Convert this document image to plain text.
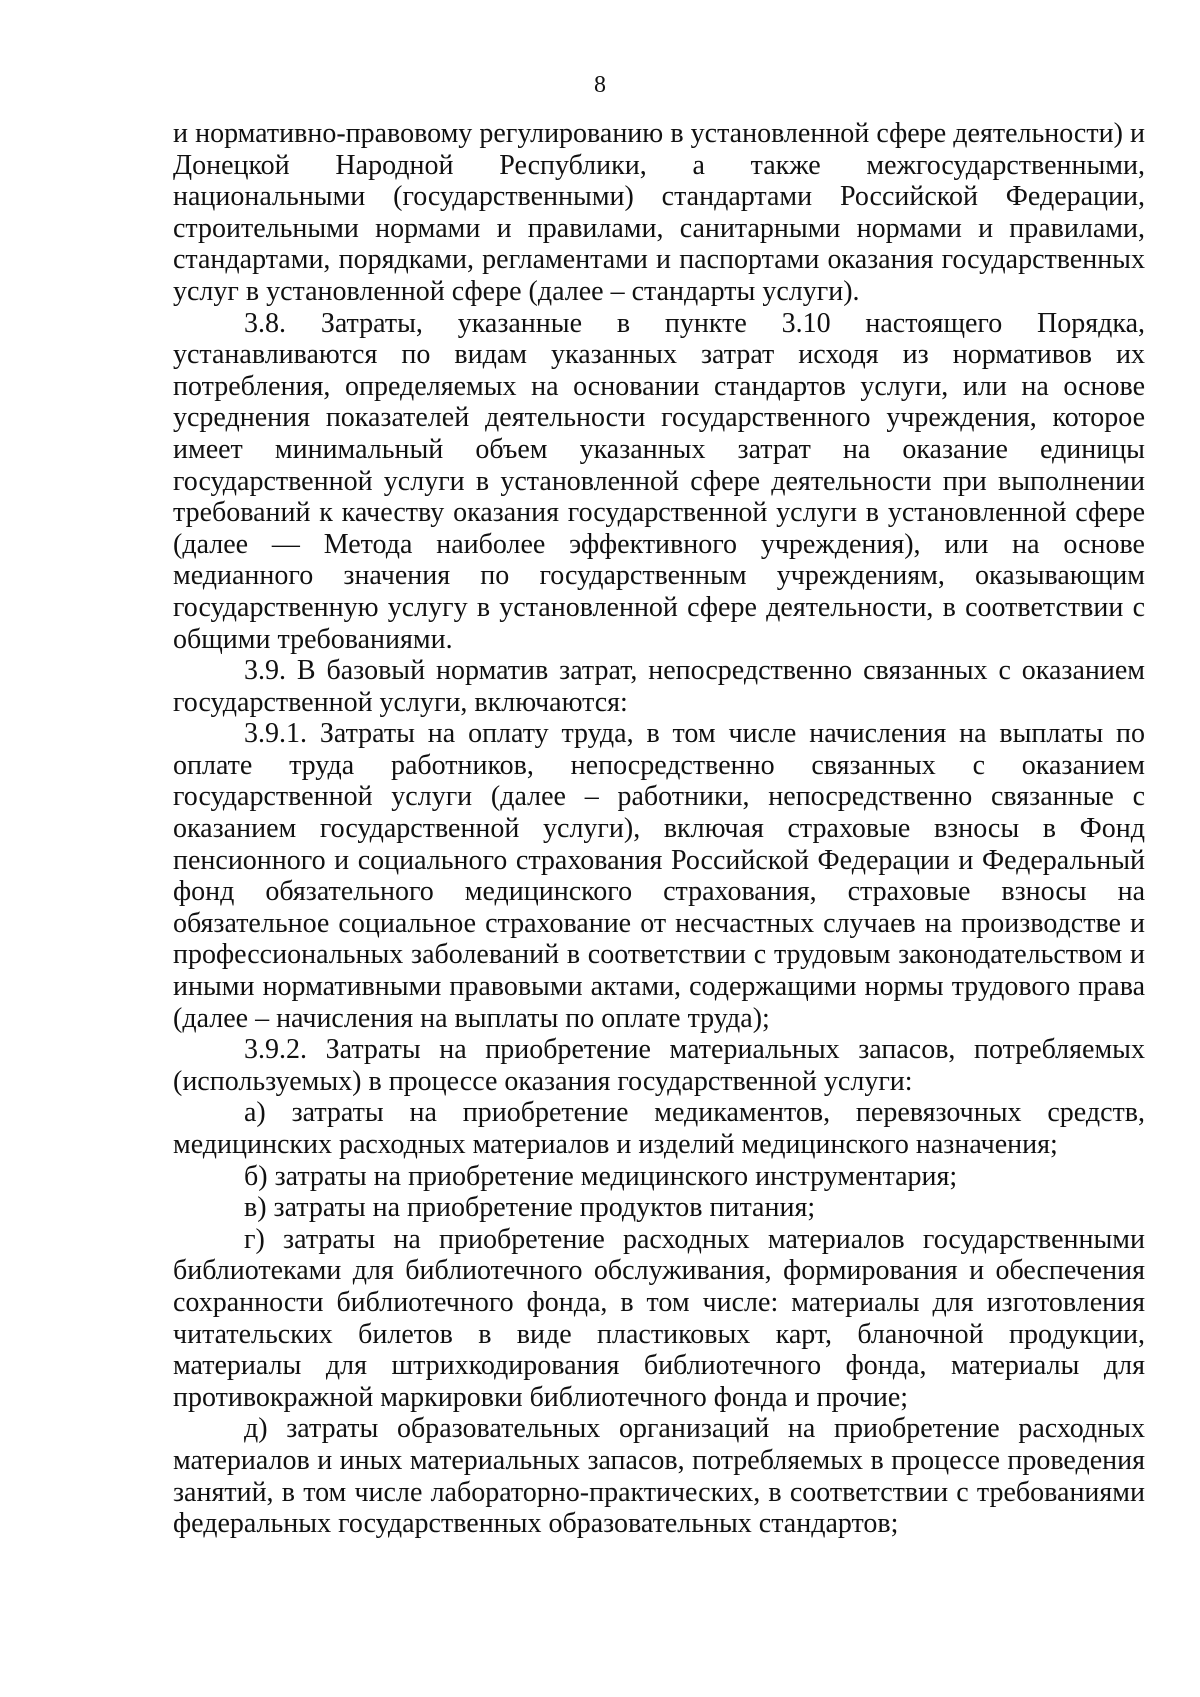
8

и нормативно-правовому регулированию в установленной сфере деятельности) и Донецкой Народной Республики, а также межгосударственными, национальными (государственными) стандартами Российской Федерации, строительными нормами и правилами, санитарными нормами и правилами, стандартами, порядками, регламентами и паспортами оказания государственных услуг в установленной сфере (далее – стандарты услуги).

3.8. Затраты, указанные в пункте 3.10 настоящего Порядка, устанавливаются по видам указанных затрат исходя из нормативов их потребления, определяемых на основании стандартов услуги, или на основе усреднения показателей деятельности государственного учреждения, которое имеет минимальный объем указанных затрат на оказание единицы государственной услуги в установленной сфере деятельности при выполнении требований к качеству оказания государственной услуги в установленной сфере (далее — Метода наиболее эффективного учреждения), или на основе медианного значения по государственным учреждениям, оказывающим государственную услугу в установленной сфере деятельности, в соответствии с общими требованиями.

3.9. В базовый норматив затрат, непосредственно связанных с оказанием государственной услуги, включаются:

3.9.1. Затраты на оплату труда, в том числе начисления на выплаты по оплате труда работников, непосредственно связанных с оказанием государственной услуги (далее – работники, непосредственно связанные с оказанием государственной услуги), включая страховые взносы в Фонд пенсионного и социального страхования Российской Федерации и Федеральный фонд обязательного медицинского страхования, страховые взносы на обязательное социальное страхование от несчастных случаев на производстве и профессиональных заболеваний в соответствии с трудовым законодательством и иными нормативными правовыми актами, содержащими нормы трудового права (далее – начисления на выплаты по оплате труда);

3.9.2. Затраты на приобретение материальных запасов, потребляемых (используемых) в процессе оказания государственной услуги:

а) затраты на приобретение медикаментов, перевязочных средств, медицинских расходных материалов и изделий медицинского назначения;

б) затраты на приобретение медицинского инструментария;

в) затраты на приобретение продуктов питания;

г) затраты на приобретение расходных материалов государственными библиотеками для библиотечного обслуживания, формирования и обеспечения сохранности библиотечного фонда, в том числе: материалы для изготовления читательских билетов в виде пластиковых карт, бланочной продукции, материалы для штрихкодирования библиотечного фонда, материалы для противокражной маркировки библиотечного фонда и прочие;

д) затраты образовательных организаций на приобретение расходных материалов и иных материальных запасов, потребляемых в процессе проведения занятий, в том числе лабораторно-практических, в соответствии с требованиями федеральных государственных образовательных стандартов;
